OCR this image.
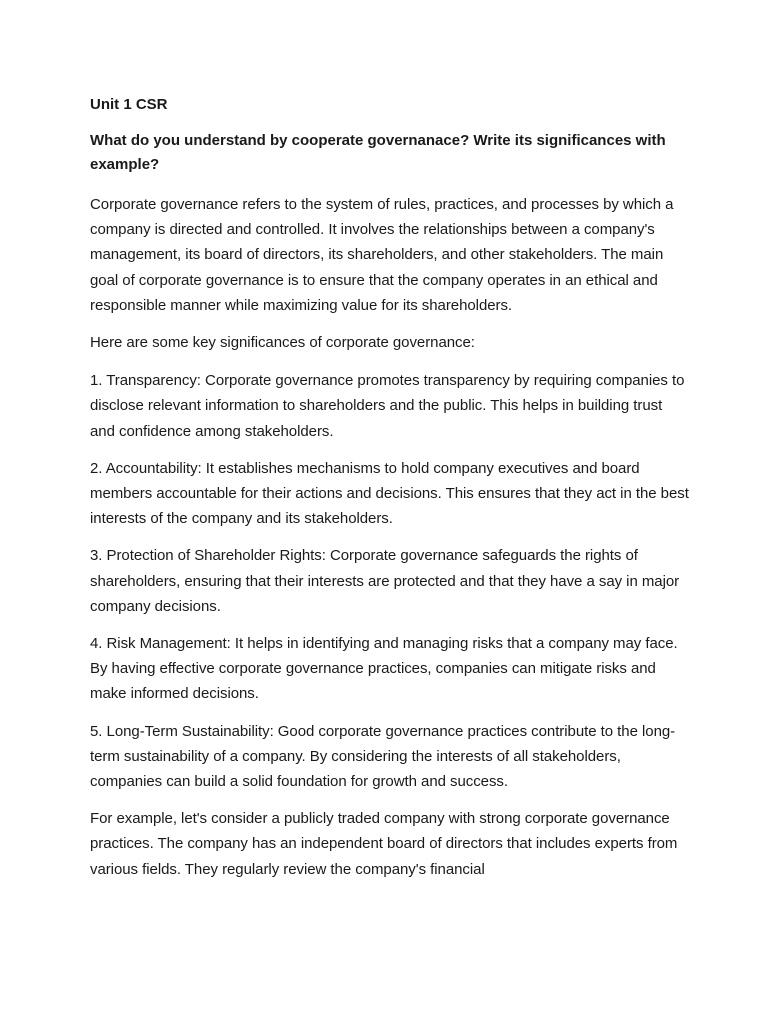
Unit 1 CSR
What do you understand by cooperate governanace? Write its significances with example?

Corporate governance refers to the system of rules, practices, and processes by which a company is directed and controlled. It involves the relationships between a company's management, its board of directors, its shareholders, and other stakeholders. The main goal of corporate governance is to ensure that the company operates in an ethical and responsible manner while maximizing value for its shareholders.

Here are some key significances of corporate governance:

1. Transparency: Corporate governance promotes transparency by requiring companies to disclose relevant information to shareholders and the public. This helps in building trust and confidence among stakeholders.

2. Accountability: It establishes mechanisms to hold company executives and board members accountable for their actions and decisions. This ensures that they act in the best interests of the company and its stakeholders.

3. Protection of Shareholder Rights: Corporate governance safeguards the rights of shareholders, ensuring that their interests are protected and that they have a say in major company decisions.

4. Risk Management: It helps in identifying and managing risks that a company may face. By having effective corporate governance practices, companies can mitigate risks and make informed decisions.

5. Long-Term Sustainability: Good corporate governance practices contribute to the long-term sustainability of a company. By considering the interests of all stakeholders, companies can build a solid foundation for growth and success.

For example, let's consider a publicly traded company with strong corporate governance practices. The company has an independent board of directors that includes experts from various fields. They regularly review the company's financial
